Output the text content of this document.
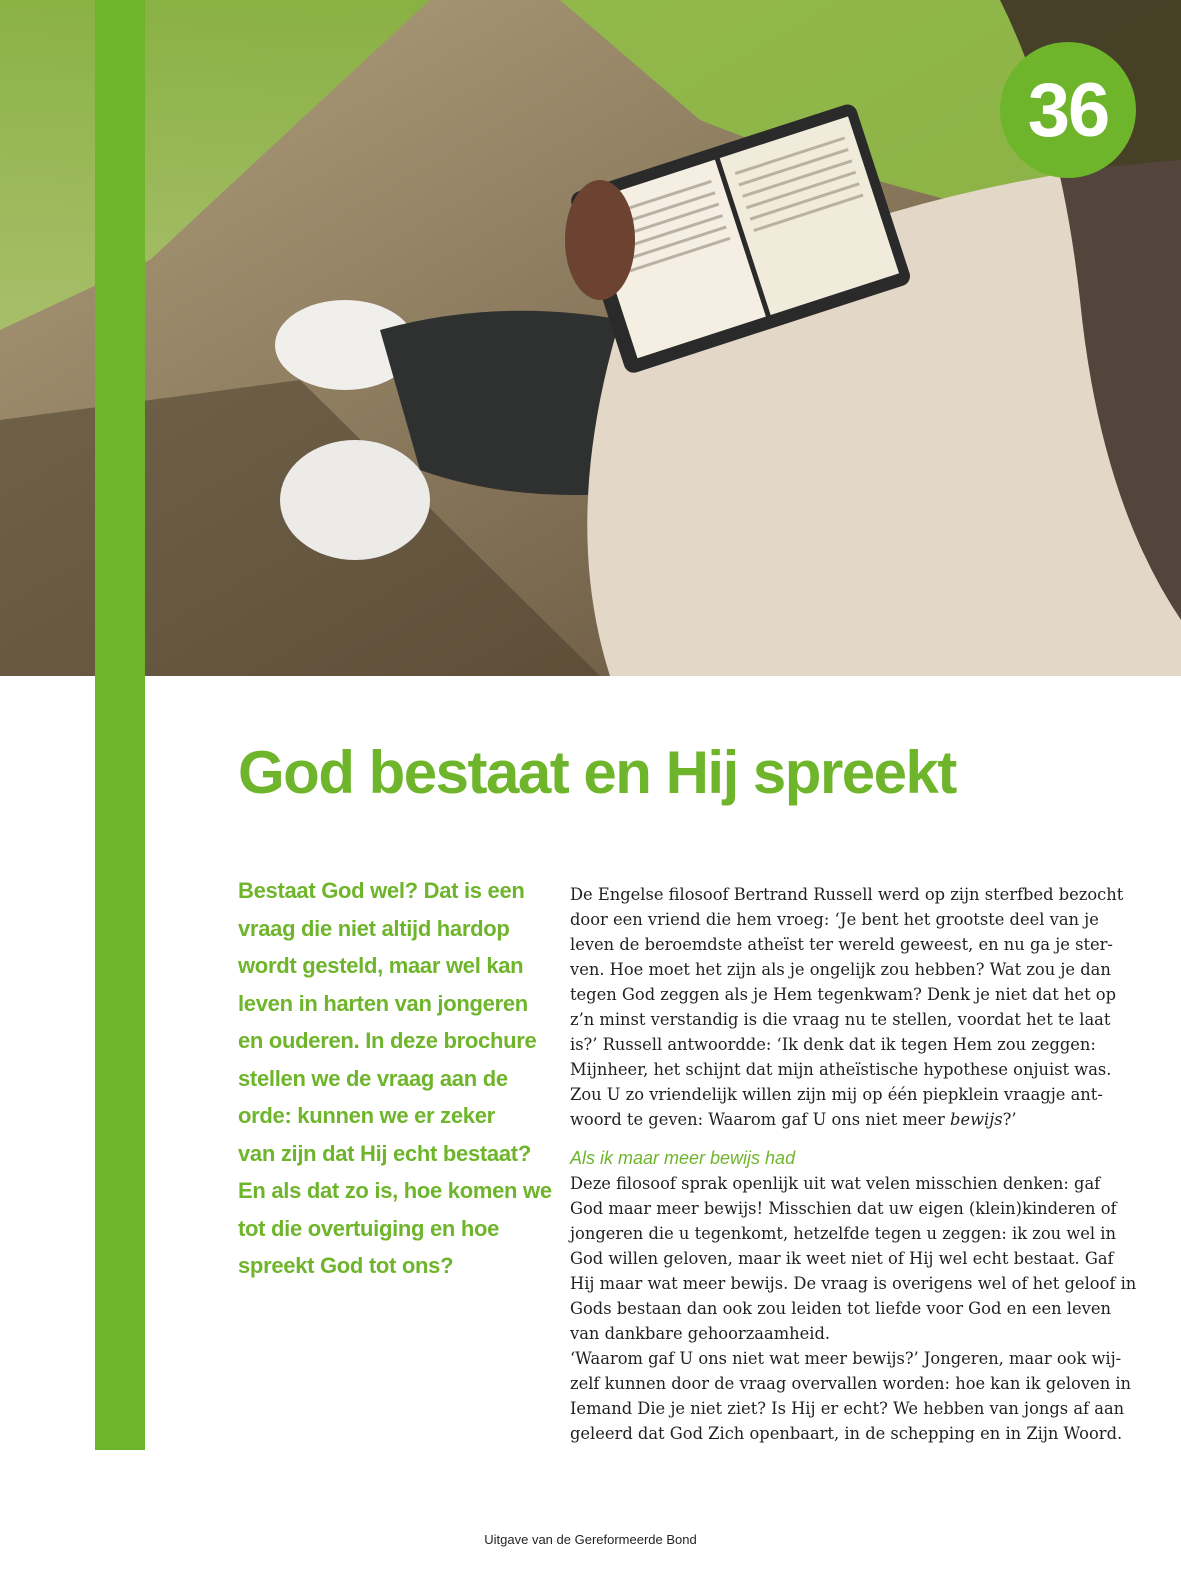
36
God bestaat en Hij spreekt
Bestaat God wel? Dat is een
vraag die niet altijd hardop
wordt gesteld, maar wel kan
leven in harten van jongeren
en ouderen. In deze brochure
stellen we de vraag aan de
orde: kunnen we er zeker
van zijn dat Hij echt bestaat?
En als dat zo is, hoe komen we
tot die overtuiging en hoe
spreekt God tot ons?
De Engelse filosoof Bertrand Russell werd op zijn sterfbed bezocht
door een vriend die hem vroeg: ‘Je bent het grootste deel van je
leven de beroemdste atheïst ter wereld geweest, en nu ga je ster-
ven. Hoe moet het zijn als je ongelijk zou hebben? Wat zou je dan
tegen God zeggen als je Hem tegenkwam? Denk je niet dat het op
z’n minst verstandig is die vraag nu te stellen, voordat het te laat
is?’ Russell antwoordde: ‘Ik denk dat ik tegen Hem zou zeggen:
Mijnheer, het schijnt dat mijn atheïstische hypothese onjuist was.
Zou U zo vriendelijk willen zijn mij op één piepklein vraagje ant-
woord te geven: Waarom gaf U ons niet meer bewijs?’
Als ik maar meer bewijs had
Deze filosoof sprak openlijk uit wat velen misschien denken: gaf
God maar meer bewijs! Misschien dat uw eigen (klein)kinderen of
jongeren die u tegenkomt, hetzelfde tegen u zeggen: ik zou wel in
God willen geloven, maar ik weet niet of Hij wel echt bestaat. Gaf
Hij maar wat meer bewijs. De vraag is overigens wel of het geloof in
Gods bestaan dan ook zou leiden tot liefde voor God en een leven
van dankbare gehoorzaamheid.
‘Waarom gaf U ons niet wat meer bewijs?’ Jongeren, maar ook wij-
zelf kunnen door de vraag overvallen worden: hoe kan ik geloven in
Iemand Die je niet ziet? Is Hij er echt? We hebben van jongs af aan
geleerd dat God Zich openbaart, in de schepping en in Zijn Woord.
Uitgave van de Gereformeerde Bond
